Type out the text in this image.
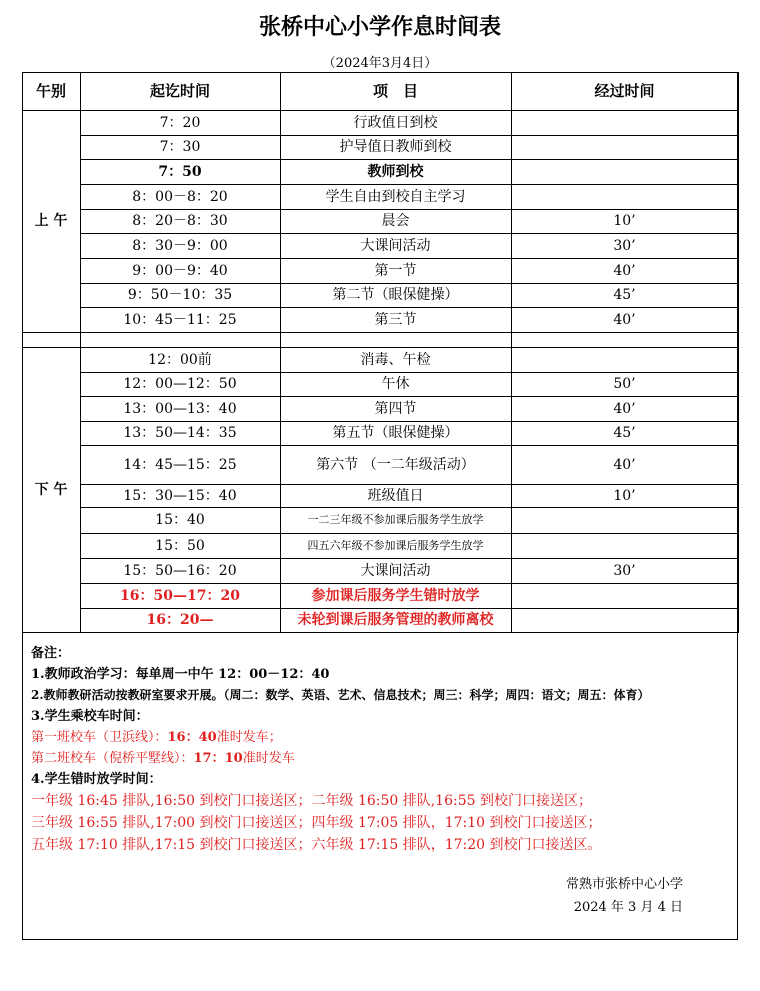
张桥中心小学作息时间表
（2024年3月4日）
午别	起讫时间	项　目	经过时间
上 午	7：20	行政值日到校	
	7：30	护导值日教师到校	
	7：50	教师到校	
	8：00－8：20	学生自由到校自主学习	
	8：20－8：30	晨会	10’
	8：30－9：00	大课间活动	30’
	9：00－9：40	第一节	40’
	9：50－10：35	第二节（眼保健操）	45’
	10：45－11：25	第三节	40’

下 午	12：00前	消毒、午检	
	12：00—12：50	午休	50’
	13：00—13：40	第四节	40’
	13：50—14：35	第五节（眼保健操）	45’
	14：45—15：25	第六节 （一二年级活动）	40’
	15：30—15：40	班级值日	10’
	15：40	一二三年级不参加课后服务学生放学	
	15：50	四五六年级不参加课后服务学生放学	
	15：50—16：20	大课间活动	30’
	16：50—17：20	参加课后服务学生错时放学	
	16：20—	未轮到课后服务管理的教师离校	
备注：
1.教师政治学习：每单周一中午 12：00－12：40
2.教师教研活动按教研室要求开展。（周二：数学、英语、艺术、信息技术；周三：科学；周四：语文；周五：体育）
3.学生乘校车时间：
第一班校车（卫浜线）：16：40准时发车；
第二班校车（倪桥平墅线）：17：10准时发车
4.学生错时放学时间：
一年级 16:45 排队,16:50 到校门口接送区；二年级 16:50 排队,16:55 到校门口接送区；
三年级 16:55 排队,17:00 到校门口接送区；四年级 17:05 排队，17:10 到校门口接送区；
五年级 17:10 排队,17:15 到校门口接送区；六年级 17:15 排队，17:20 到校门口接送区。
常熟市张桥中心小学
2024 年 3 月 4 日
